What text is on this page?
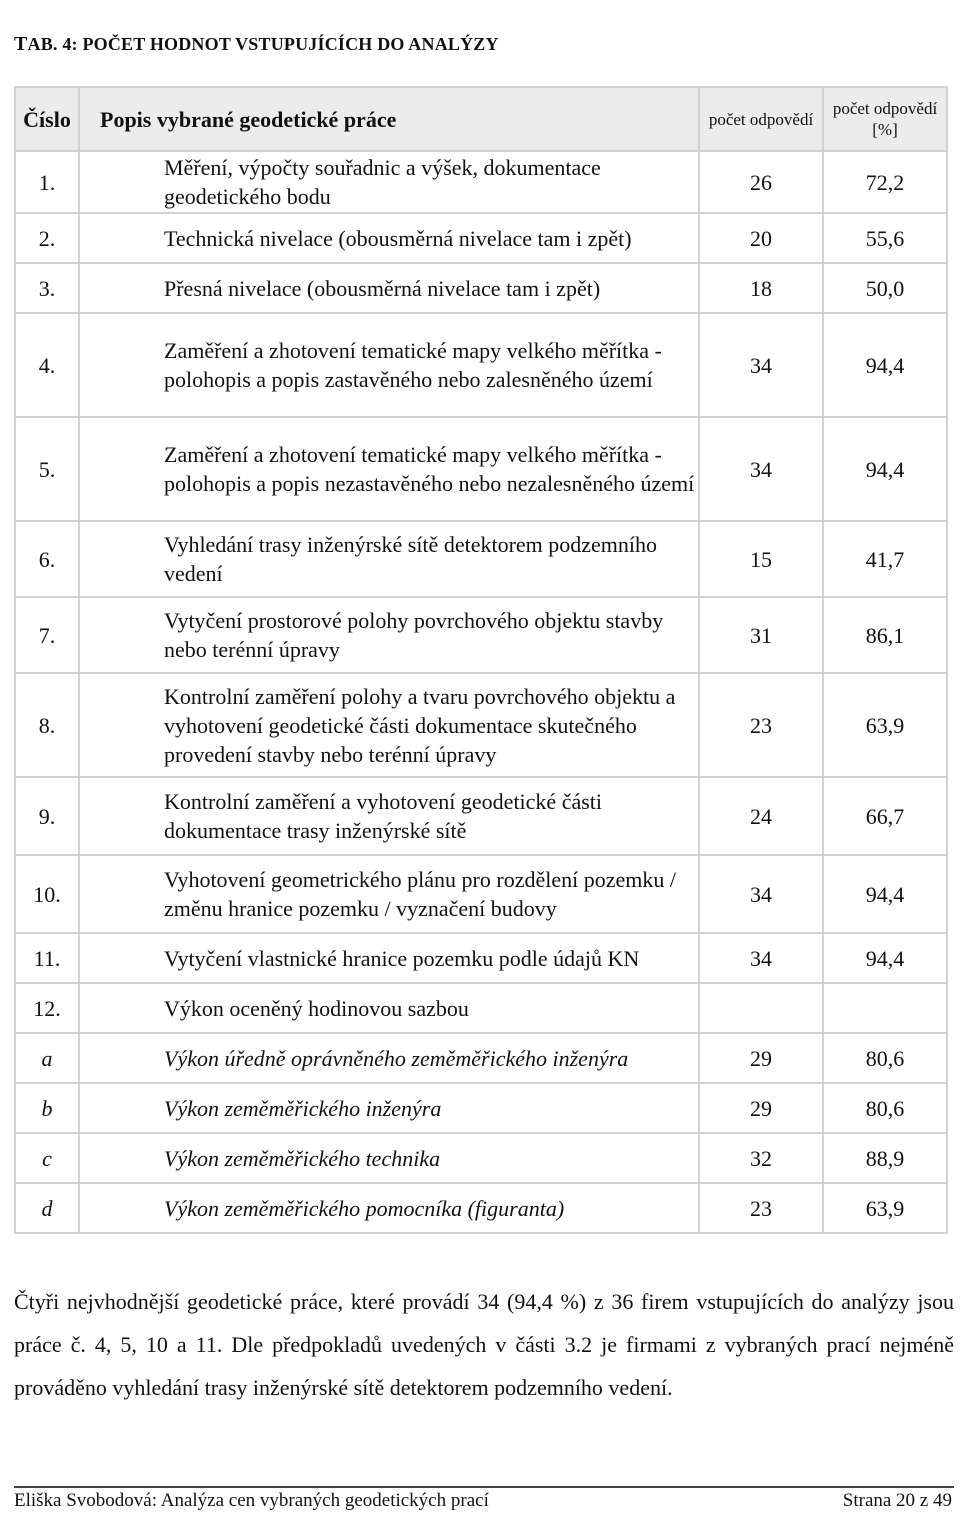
TAB. 4: POČET HODNOT VSTUPUJÍCÍCH DO ANALÝZY
Číslo	Popis vybrané geodetické práce	počet odpovědí	počet odpovědí [%]
1.	Měření, výpočty souřadnic a výšek, dokumentace geodetického bodu	26	72,2
2.	Technická nivelace (obousměrná nivelace tam i zpět)	20	55,6
3.	Přesná nivelace (obousměrná nivelace tam i zpět)	18	50,0
4.	Zaměření a zhotovení tematické mapy velkého měřítka - polohopis a popis zastavěného nebo zalesněného území	34	94,4
5.	Zaměření a zhotovení tematické mapy velkého měřítka - polohopis a popis nezastavěného nebo nezalesněného území	34	94,4
6.	Vyhledání trasy inženýrské sítě detektorem podzemního vedení	15	41,7
7.	Vytyčení prostorové polohy povrchového objektu stavby nebo terénní úpravy	31	86,1
8.	Kontrolní zaměření polohy a tvaru povrchového objektu a vyhotovení geodetické části dokumentace skutečného provedení stavby nebo terénní úpravy	23	63,9
9.	Kontrolní zaměření a vyhotovení geodetické části dokumentace trasy inženýrské sítě	24	66,7
10.	Vyhotovení geometrického plánu pro rozdělení pozemku / změnu hranice pozemku / vyznačení budovy	34	94,4
11.	Vytyčení vlastnické hranice pozemku podle údajů KN	34	94,4
12.	Výkon oceněný hodinovou sazbou		
a	Výkon úředně oprávněného zeměměřického inženýra	29	80,6
b	Výkon zeměměřického inženýra	29	80,6
c	Výkon zeměměřického technika	32	88,9
d	Výkon zeměměřického pomocníka (figuranta)	23	63,9
Čtyři nejvhodnější geodetické práce, které provádí 34 (94,4 %) z 36 firem vstupujících do analýzy jsou práce č. 4, 5, 10 a 11. Dle předpokladů uvedených v části 3.2 je firmami z vybraných prací nejméně prováděno vyhledání trasy inženýrské sítě detektorem podzemního vedení.
Eliška Svobodová: Analýza cen vybraných geodetických prací	Strana 20 z 49
